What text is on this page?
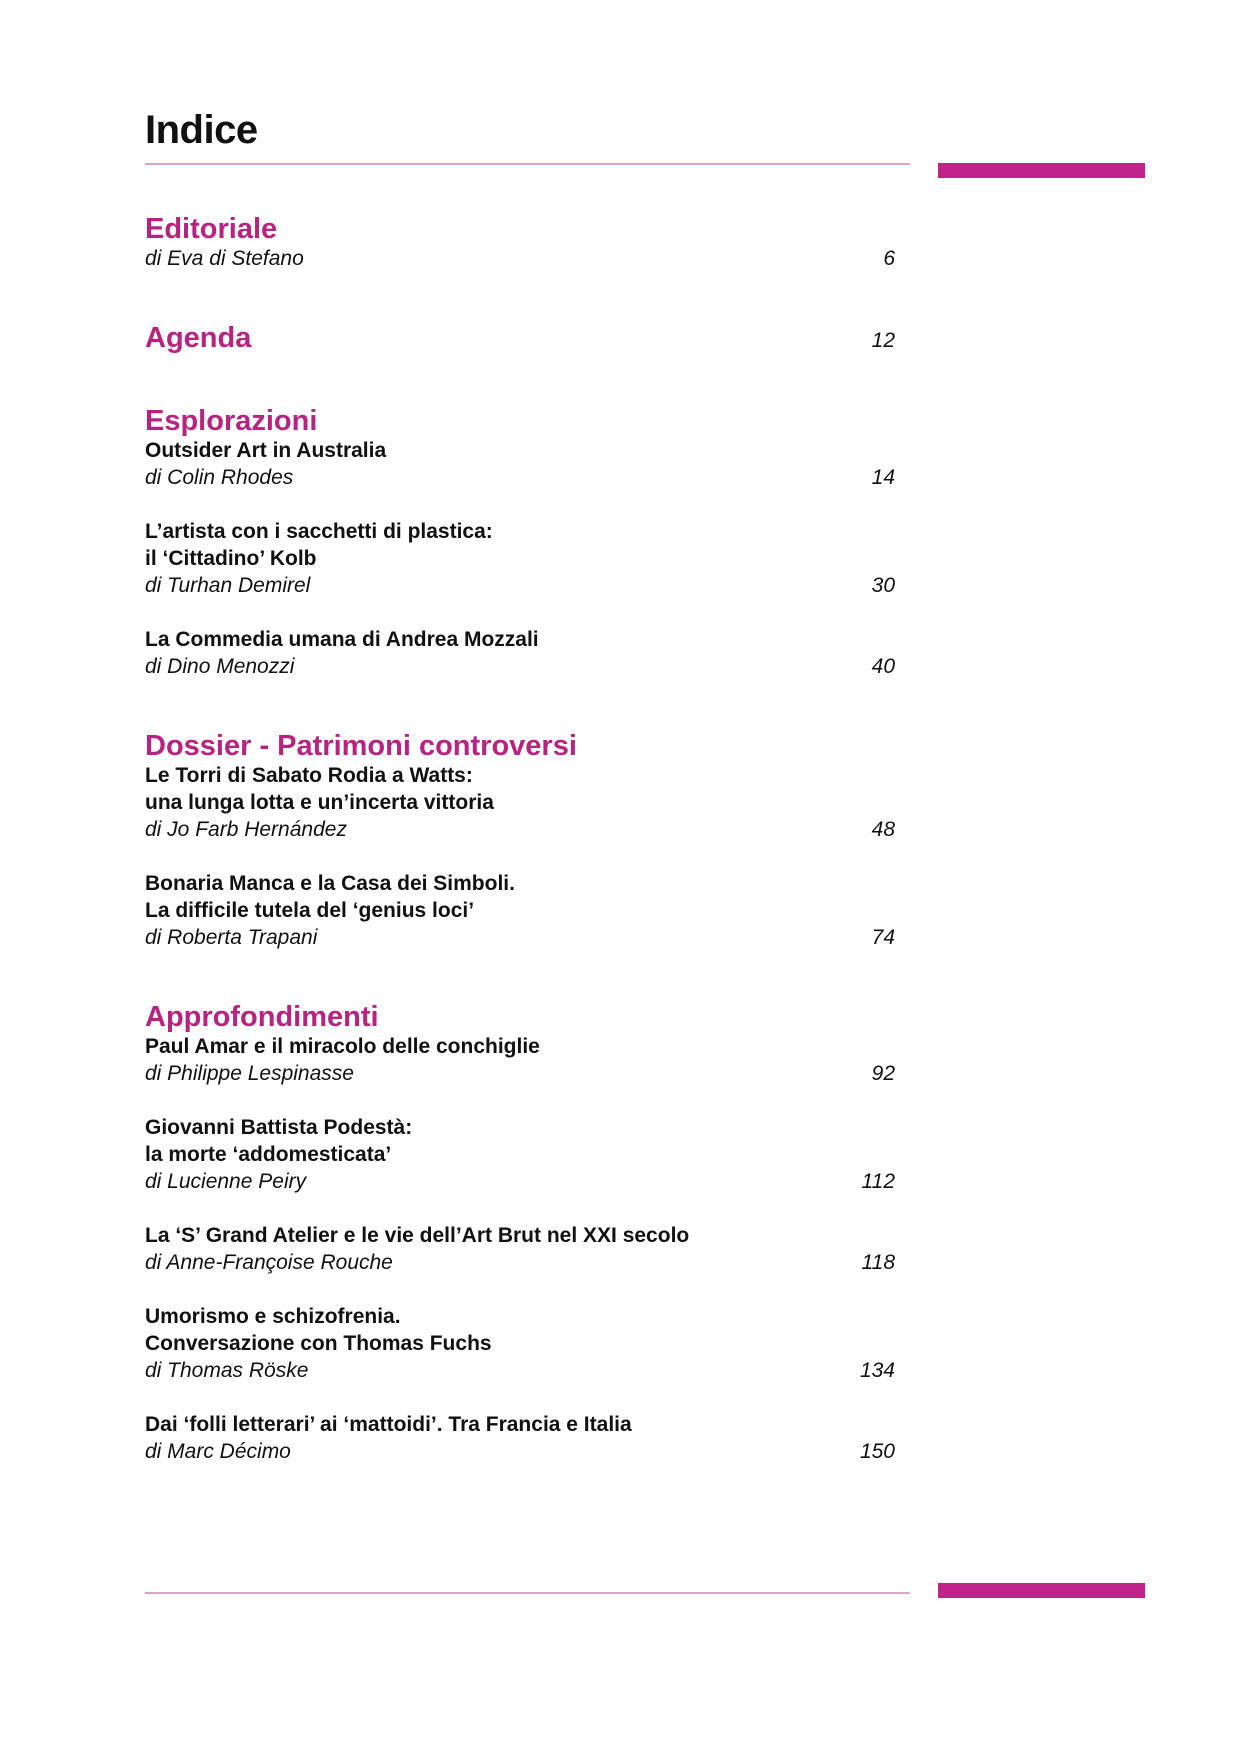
Indice
Editoriale
di Eva di Stefano	6
Agenda	12
Esplorazioni
Outsider Art in Australia
di Colin Rhodes	14
L’artista con i sacchetti di plastica:
il ‘Cittadino’ Kolb
di Turhan Demirel	30
La Commedia umana di Andrea Mozzali
di Dino Menozzi	40
Dossier - Patrimoni controversi
Le Torri di Sabato Rodia a Watts:
una lunga lotta e un’incerta vittoria
di Jo Farb Hernández	48
Bonaria Manca e la Casa dei Simboli.
La difficile tutela del ‘genius loci’
di Roberta Trapani	74
Approfondimenti
Paul Amar e il miracolo delle conchiglie
di Philippe Lespinasse	92
Giovanni Battista Podestà:
la morte ‘addomesticata’
di Lucienne Peiry	112
La ‘S’ Grand Atelier e le vie dell’Art Brut nel XXI secolo
di Anne-Françoise Rouche	118
Umorismo e schizofrenia.
Conversazione con Thomas Fuchs
di Thomas Röske	134
Dai ‘folli letterari’ ai ‘mattoidi’. Tra Francia e Italia
di Marc Décimo	150
